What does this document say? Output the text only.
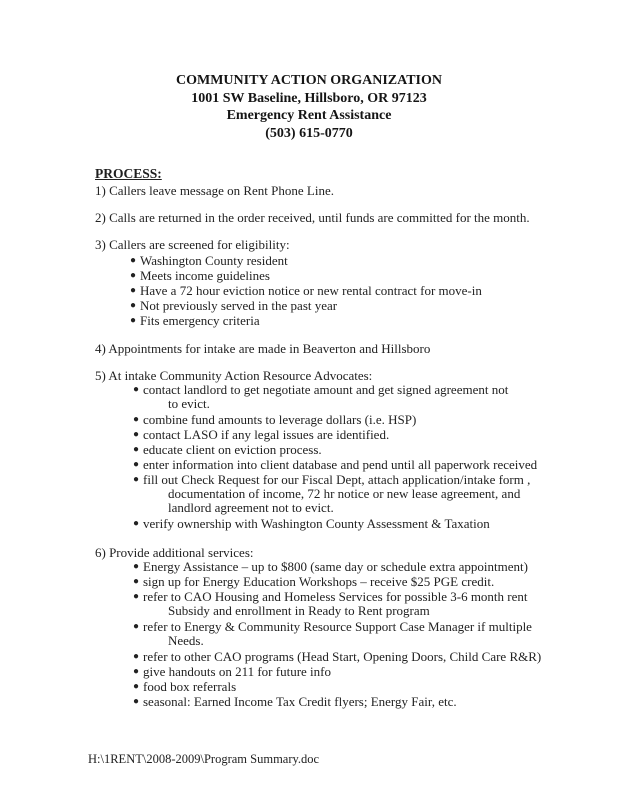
COMMUNITY ACTION ORGANIZATION
1001 SW Baseline, Hillsboro, OR 97123
Emergency Rent Assistance
(503) 615-0770
PROCESS:
1) Callers leave message on Rent Phone Line.
2) Calls are returned in the order received, until funds are committed for the month.
3) Callers are screened for eligibility:
● Washington County resident
● Meets income guidelines
● Have a 72 hour eviction notice or new rental contract for move-in
● Not previously served in the past year
● Fits emergency criteria
4) Appointments for intake are made in Beaverton and Hillsboro
5) At intake Community Action Resource Advocates:
● contact landlord to get negotiate amount and get signed agreement not
to evict.
● combine fund amounts to leverage dollars (i.e. HSP)
● contact LASO if any legal issues are identified.
● educate client on eviction process.
● enter information into client database and pend until all paperwork received
● fill out Check Request for our Fiscal Dept, attach application/intake form ,
documentation of income, 72 hr notice or new lease agreement, and
landlord agreement not to evict.
● verify ownership with Washington County Assessment & Taxation
6) Provide additional services:
● Energy Assistance – up to $800 (same day or schedule extra appointment)
● sign up for Energy Education Workshops – receive $25 PGE credit.
● refer to CAO Housing and Homeless Services for possible 3-6 month rent
Subsidy and enrollment in Ready to Rent program
● refer to Energy & Community Resource Support Case Manager if multiple
Needs.
● refer to other CAO programs (Head Start, Opening Doors, Child Care R&R)
● give handouts on 211 for future info
● food box referrals
● seasonal: Earned Income Tax Credit flyers; Energy Fair, etc.
H:\1RENT\2008-2009\Program Summary.doc
